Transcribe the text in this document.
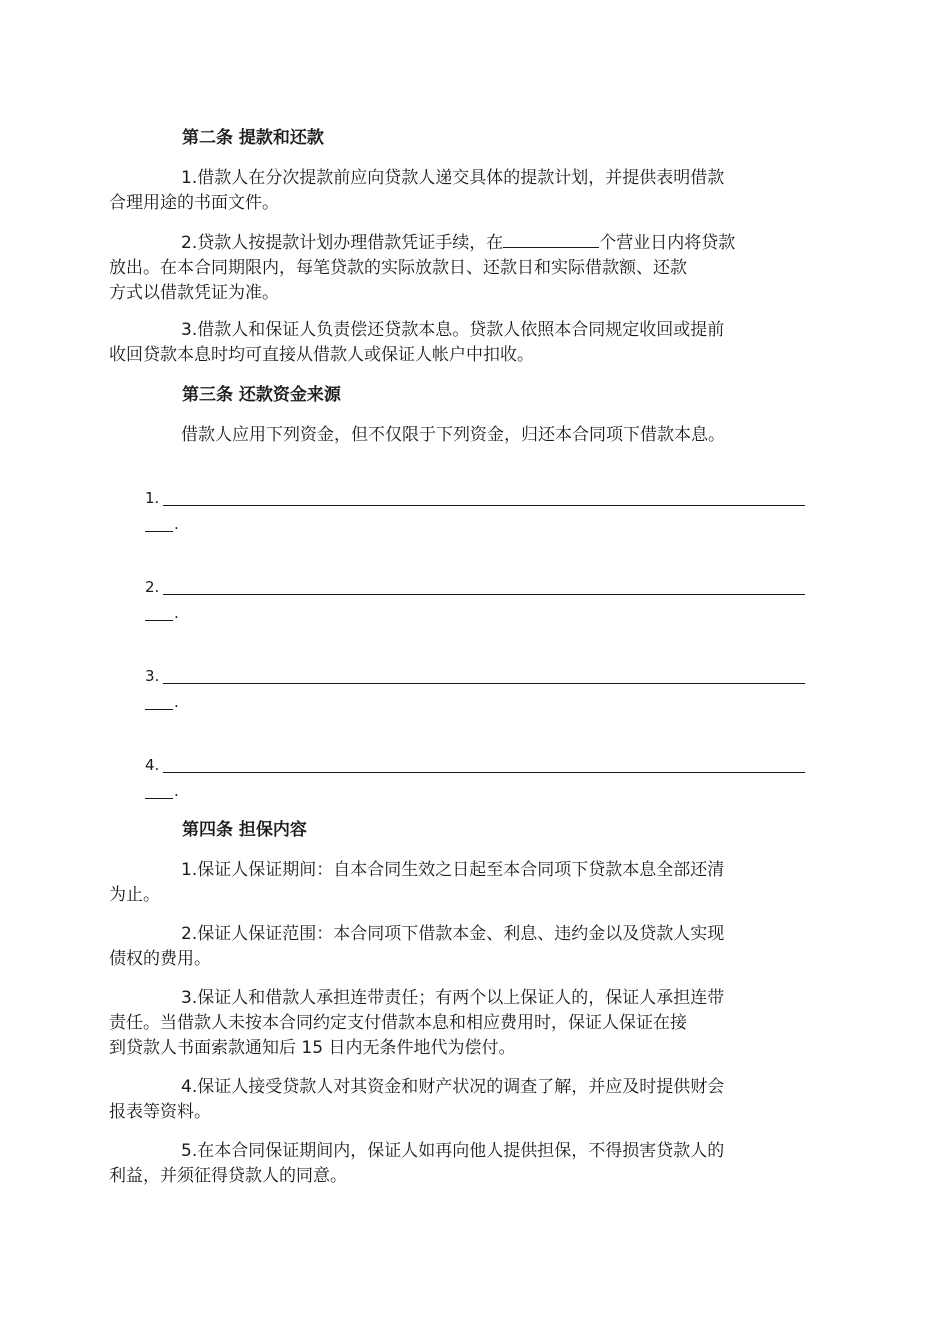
第二条 提款和还款
1.借款人在分次提款前应向贷款人递交具体的提款计划，并提供表明借款
合理用途的书面文件。
2.贷款人按提款计划办理借款凭证手续，在	个营业日内将贷款
放出。在本合同期限内，每笔贷款的实际放款日、还款日和实际借款额、还款
方式以借款凭证为准。
3.借款人和保证人负责偿还贷款本息。贷款人依照本合同规定收回或提前
收回贷款本息时均可直接从借款人或保证人帐户中扣收。
第三条 还款资金来源
借款人应用下列资金，但不仅限于下列资金，归还本合同项下借款本息。
1.
.
2.
.
3.
.
4.
.
第四条 担保内容
1.保证人保证期间：自本合同生效之日起至本合同项下贷款本息全部还清
为止。
2.保证人保证范围：本合同项下借款本金、利息、违约金以及贷款人实现
债权的费用。
3.保证人和借款人承担连带责任；有两个以上保证人的，保证人承担连带
责任。当借款人未按本合同约定支付借款本息和相应费用时，保证人保证在接
到贷款人书面索款通知后 15 日内无条件地代为偿付。
4.保证人接受贷款人对其资金和财产状况的调查了解，并应及时提供财会
报表等资料。
5.在本合同保证期间内，保证人如再向他人提供担保，不得损害贷款人的
利益，并须征得贷款人的同意。
